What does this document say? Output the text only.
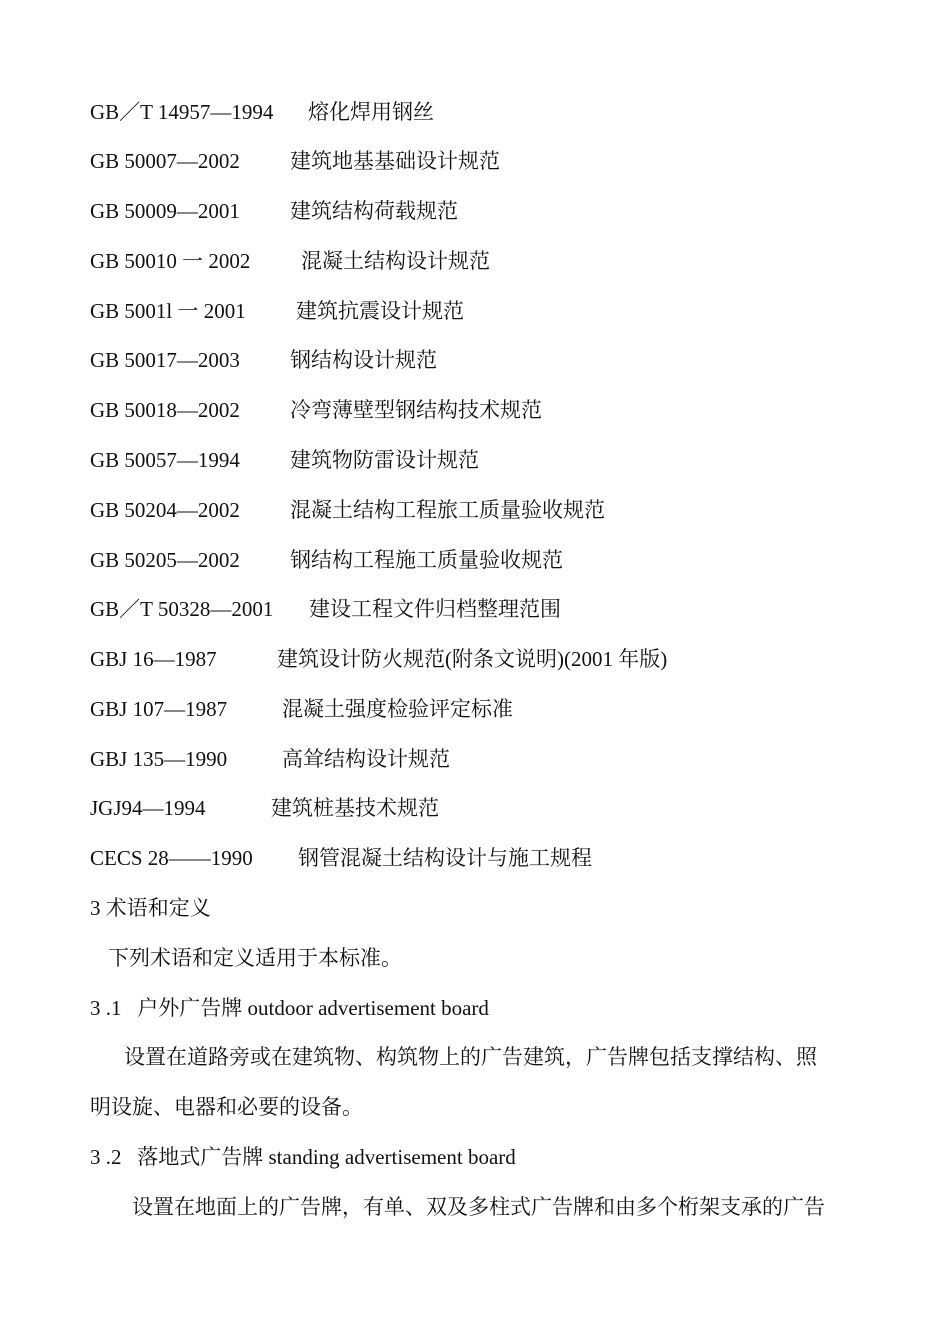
GB／T 14957—1994 熔化焊用钢丝
GB 50007—2002 建筑地基基础设计规范
GB 50009—2001 建筑结构荷载规范
GB 50010 一 2002 混凝土结构设计规范
GB 5001l 一 2001 建筑抗震设计规范
GB 50017—2003 钢结构设计规范
GB 50018—2002 冷弯薄壁型钢结构技术规范
GB 50057—1994 建筑物防雷设计规范
GB 50204—2002 混凝土结构工程旅工质量验收规范
GB 50205—2002 钢结构工程施工质量验收规范
GB／T 50328—2001 建设工程文件归档整理范围
GBJ 16—1987	建筑设计防火规范(附条文说明)(2001 年版)
GBJ 107—1987	混凝土强度检验评定标准
GBJ 135—1990	高耸结构设计规范
JGJ94—1994	建筑桩基技术规范
CECS 28——1990 钢管混凝土结构设计与施工规程
3 术语和定义
下列术语和定义适用于本标准。
3 .1   户外广告牌 outdoor advertisement board
设置在道路旁或在建筑物、构筑物上的广告建筑，广告牌包括支撑结构、照
明设旋、电器和必要的设备。
3 .2   落地式广告牌 standing advertisement board
设置在地面上的广告牌，有单、双及多柱式广告牌和由多个桁架支承的广告
